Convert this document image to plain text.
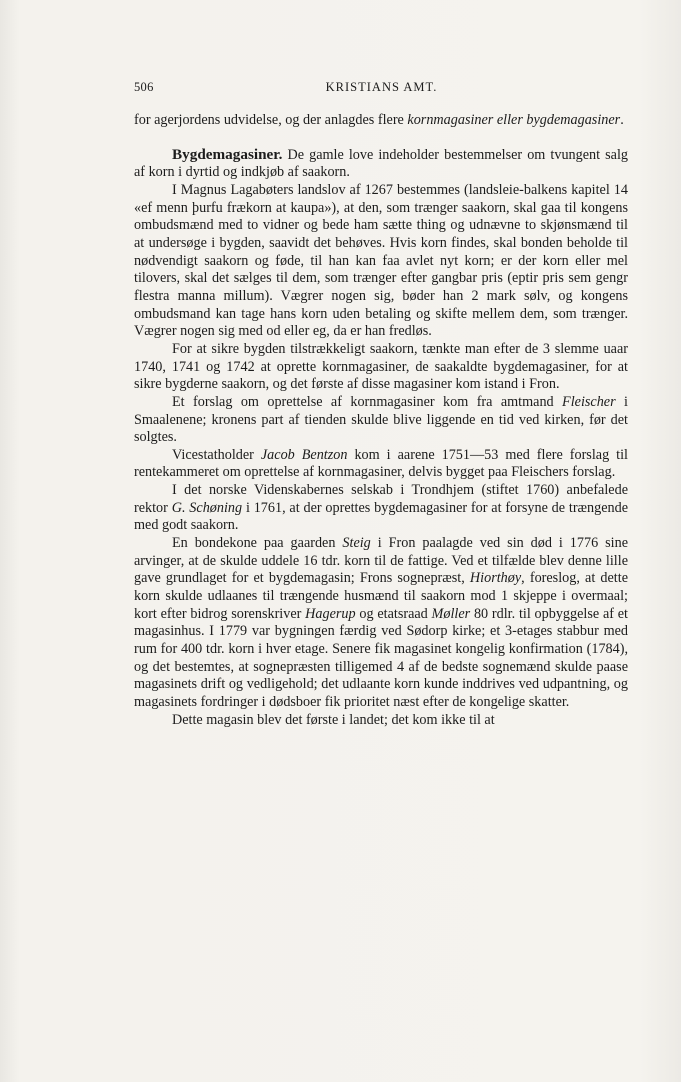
506	KRISTIANS AMT.

for agerjordens udvidelse, og der anlagdes flere kornmagasiner eller bygdemagasiner.

Bygdemagasiner. De gamle love indeholder bestemmelser om tvungent salg af korn i dyrtid og indkjøb af saakorn.

I Magnus Lagabøters landslov af 1267 bestemmes (landsleie-balkens kapitel 14 «ef menn þurfu frækorn at kaupa»), at den, som trænger saakorn, skal gaa til kongens ombudsmænd med to vidner og bede ham sætte thing og udnævne to skjønsmænd til at undersøge i bygden, saavidt det behøves. Hvis korn findes, skal bonden beholde til nødvendigt saakorn og føde, til han kan faa avlet nyt korn; er der korn eller mel tilovers, skal det sælges til dem, som trænger efter gangbar pris (eptir pris sem gengr flestra manna millum). Vægrer nogen sig, bøder han 2 mark sølv, og kongens ombudsmand kan tage hans korn uden betaling og skifte mellem dem, som trænger. Vægrer nogen sig med od eller eg, da er han fredløs.

For at sikre bygden tilstrækkeligt saakorn, tænkte man efter de 3 slemme uaar 1740, 1741 og 1742 at oprette kornmagasiner, de saakaldte bygdemagasiner, for at sikre bygderne saakorn, og det første af disse magasiner kom istand i Fron.

Et forslag om oprettelse af kornmagasiner kom fra amtmand Fleischer i Smaalenene; kronens part af tienden skulde blive liggende en tid ved kirken, før det solgtes.

Vicestatholder Jacob Bentzon kom i aarene 1751—53 med flere forslag til rentekammeret om oprettelse af kornmagasiner, delvis bygget paa Fleischers forslag.

I det norske Videnskabernes selskab i Trondhjem (stiftet 1760) anbefalede rektor G. Schøning i 1761, at der oprettes bygdemagasiner for at forsyne de trængende med godt saakorn.

En bondekone paa gaarden Steig i Fron paalagde ved sin død i 1776 sine arvinger, at de skulde uddele 16 tdr. korn til de fattige. Ved et tilfælde blev denne lille gave grundlaget for et bygdemagasin; Frons sognepræst, Hiorthøy, foreslog, at dette korn skulde udlaanes til trængende husmænd til saakorn mod 1 skjeppe i overmaal; kort efter bidrog sorenskriver Hagerup og etatsraad Møller 80 rdlr. til opbyggelse af et magasinhus. I 1779 var bygningen færdig ved Sødorp kirke; et 3-etages stabbur med rum for 400 tdr. korn i hver etage. Senere fik magasinet kongelig konfirmation (1784), og det bestemtes, at sognepræsten tilligemed 4 af de bedste sognemænd skulde paase magasinets drift og vedligehold; det udlaante korn kunde inddrives ved udpantning, og magasinets fordringer i dødsboer fik prioritet næst efter de kongelige skatter.

Dette magasin blev det første i landet; det kom ikke til at
